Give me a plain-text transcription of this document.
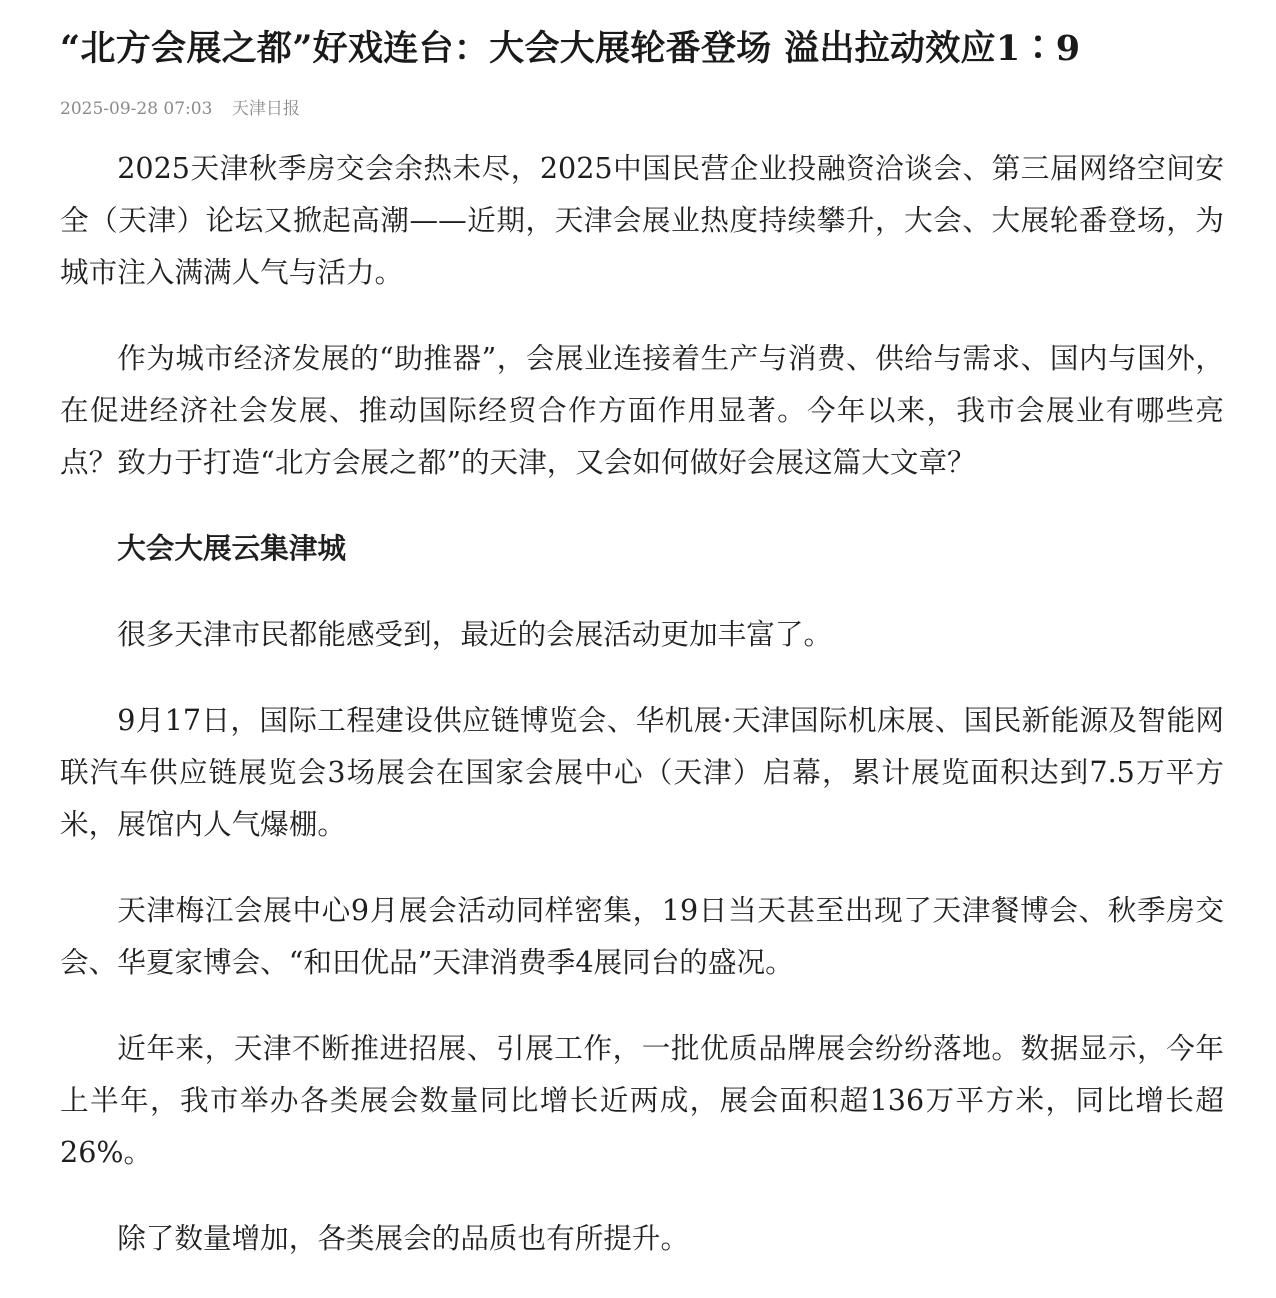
“北方会展之都”好戏连台：大会大展轮番登场 溢出拉动效应1∶9
2025-09-28 07:03 天津日报

2025天津秋季房交会余热未尽，2025中国民营企业投融资洽谈会、第三届网络空间安全（天津）论坛又掀起高潮——近期，天津会展业热度持续攀升，大会、大展轮番登场，为城市注入满满人气与活力。

作为城市经济发展的“助推器”，会展业连接着生产与消费、供给与需求、国内与国外，在促进经济社会发展、推动国际经贸合作方面作用显著。今年以来，我市会展业有哪些亮点？致力于打造“北方会展之都”的天津，又会如何做好会展这篇大文章？

大会大展云集津城

很多天津市民都能感受到，最近的会展活动更加丰富了。

9月17日，国际工程建设供应链博览会、华机展·天津国际机床展、国民新能源及智能网联汽车供应链展览会3场展会在国家会展中心（天津）启幕，累计展览面积达到7.5万平方米，展馆内人气爆棚。

天津梅江会展中心9月展会活动同样密集，19日当天甚至出现了天津餐博会、秋季房交会、华夏家博会、“和田优品”天津消费季4展同台的盛况。

近年来，天津不断推进招展、引展工作，一批优质品牌展会纷纷落地。数据显示，今年上半年，我市举办各类展会数量同比增长近两成，展会面积超136万平方米，同比增长超26%。

除了数量增加，各类展会的品质也有所提升。
